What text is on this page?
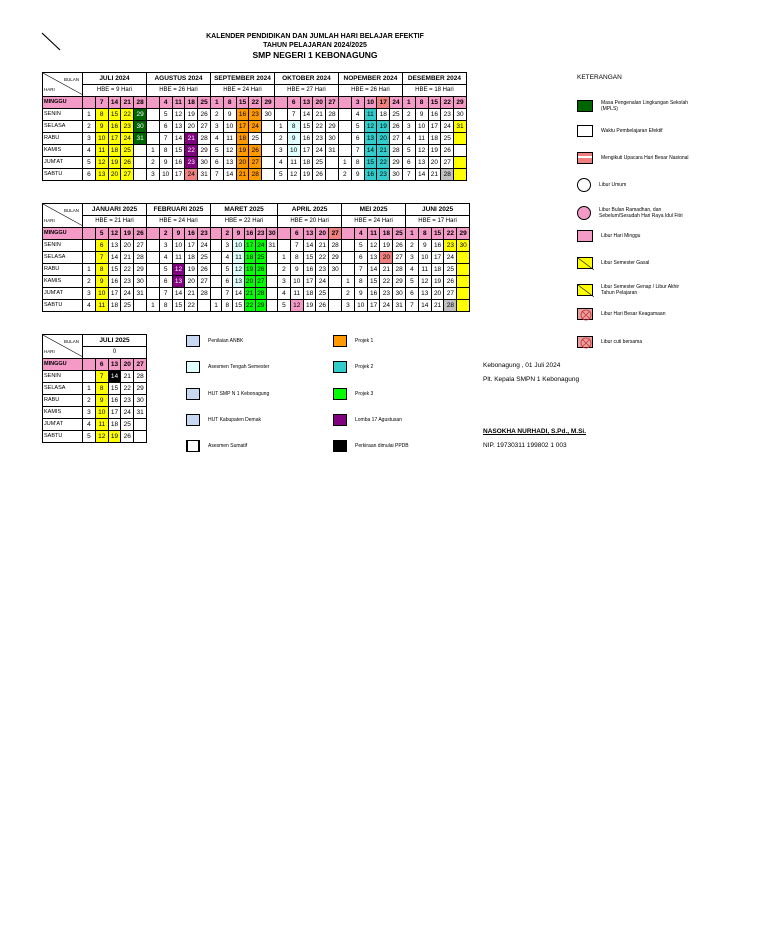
KALENDER PENDIDIKAN DAN JUMLAH HARI BELAJAR EFEKTIF
TAHUN PELAJARAN 2024/2025
SMP NEGERI 1 KEBONAGUNG
BULAN
HARI	JULI 2024					AGUSTUS 2024					SEPTEMBER 2024					OKTOBER 2024					NOPEMBER 2024					DESEMBER 2024				
	HBE = 9 Hari					HBE = 26 Hari					HBE = 24 Hari					HBE = 27 Hari					HBE = 26 Hari					HBE = 18 Hari				
MINGGU		7	14	21	28		4	11	18	25	1	8	15	22	29		6	13	20	27		3	10	17	24	1	8	15	22	29
SENIN	1	8	15	22	29		5	12	19	26	2	9	16	23	30		7	14	21	28		4	11	18	25	2	9	16	23	30
SELASA	2	9	16	23	30		6	13	20	27	3	10	17	24		1	8	15	22	29		5	12	19	26	3	10	17	24	31
RABU	3	10	17	24	31		7	14	21	28	4	11	18	25		2	9	16	23	30		6	13	20	27	4	11	18	25	
KAMIS	4	11	18	25		1	8	15	22	29	5	12	19	26		3	10	17	24	31		7	14	21	28	5	12	19	26	
JUM'AT	5	12	19	26		2	9	16	23	30	6	13	20	27		4	11	18	25		1	8	15	22	29	6	13	20	27	
SABTU	6	13	20	27		3	10	17	24	31	7	14	21	28		5	12	19	26		2	9	16	23	30	7	14	21	28	
BULAN
HARI	JANUARI 2025					FEBRUARI 2025					MARET 2025						APRIL 2025					MEI 2025					JUNI 2025				
	HBE = 21 Hari					HBE = 24 Hari					HBE = 22 Hari						HBE = 20 Hari					HBE = 24 Hari					HBE = 17 Hari				
MINGGU		5	12	19	26		2	9	16	23		2	9	16	23	30		6	13	20	27		4	11	18	25	1	8	15	22	29
SENIN		6	13	20	27		3	10	17	24		3	10	17	24	31		7	14	21	28		5	12	19	26	2	9	16	23	30
SELASA		7	14	21	28		4	11	18	25		4	11	18	25		1	8	15	22	29		6	13	20	27	3	10	17	24	
RABU	1	8	15	22	29		5	12	19	26		5	12	19	26		2	9	16	23	30		7	14	21	28	4	11	18	25	
KAMIS	2	9	16	23	30		6	13	20	27		6	13	20	27		3	10	17	24		1	8	15	22	29	5	12	19	26	
JUM'AT	3	10	17	24	31		7	14	21	28		7	14	21	28		4	11	18	25		2	9	16	23	30	6	13	20	27	
SABTU	4	11	18	25		1	8	15	22		1	8	15	22	29		5	12	19	26		3	10	17	24	31	7	14	21	28	
BULAN
HARI	JULI 2025				
	0				
MINGGU		6	13	20	27
SENIN		7	14	21	28
SELASA	1	8	15	22	29
RABU	2	9	16	23	30
KAMIS	3	10	17	24	31
JUM'AT	4	11	18	25	
SABTU	5	12	19	26	
KETERANGAN
Masa Pengenalan Lingkungan Sekolah (MPLS)
Waktu Pembelajaran Efektif
Mengikuti Upacara Hari Besar Nasional
Libur Umum
Libur Bulan Ramadhan, dan Sebelum/Sesudah Hari Raya Idul Fitri
Libur Hari Minggu
Libur Semester Gasal
Libur Semester Genap / Libur Akhir Tahun Pelajaran
Libur Hari Besar Keagamaan
Libur cuti bersama
Penilaian ANBK
Asesmen Tengah Semester
HUT SMP N 1 Kebonagung
HUT Kabupaten Demak
Asesmen Sumatif
Projek 1
Projek 2
Projek 3
Lomba 17 Agustusan
Perkiraan dimulai PPDB
Kebonagung , 01 Juli 2024
Plt. Kepala SMPN 1 Kebonagung
NASOKHA NURHADI, S.Pd., M.Si.
NIP. 19730311 199802 1 003
